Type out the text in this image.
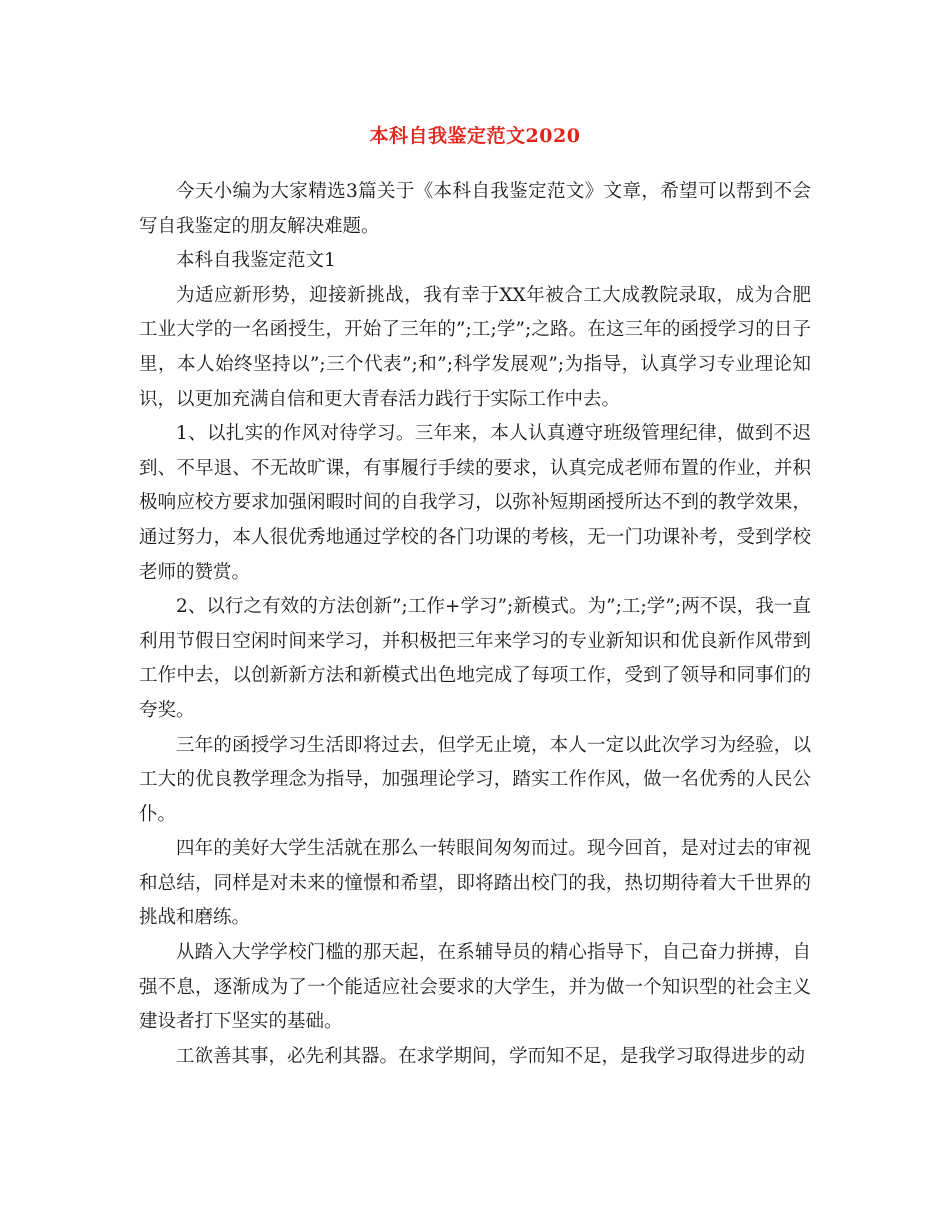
本科自我鉴定范文2020

今天小编为大家精选3篇关于《本科自我鉴定范文》文章，希望可以帮到不会写自我鉴定的朋友解决难题。

本科自我鉴定范文1

为适应新形势，迎接新挑战，我有幸于XX年被合工大成教院录取，成为合肥工业大学的一名函授生，开始了三年的”;工;学”;之路。在这三年的函授学习的日子里，本人始终坚持以”;三个代表”;和”;科学发展观”;为指导，认真学习专业理论知识，以更加充满自信和更大青春活力践行于实际工作中去。

1、以扎实的作风对待学习。三年来，本人认真遵守班级管理纪律，做到不迟到、不早退、不无故旷课，有事履行手续的要求，认真完成老师布置的作业，并积极响应校方要求加强闲暇时间的自我学习，以弥补短期函授所达不到的教学效果，通过努力，本人很优秀地通过学校的各门功课的考核，无一门功课补考，受到学校老师的赞赏。

2、以行之有效的方法创新”;工作+学习”;新模式。为”;工;学”;两不误，我一直利用节假日空闲时间来学习，并积极把三年来学习的专业新知识和优良新作风带到工作中去，以创新新方法和新模式出色地完成了每项工作，受到了领导和同事们的夸奖。

三年的函授学习生活即将过去，但学无止境，本人一定以此次学习为经验，以工大的优良教学理念为指导，加强理论学习，踏实工作作风，做一名优秀的人民公仆。

四年的美好大学生活就在那么一转眼间匆匆而过。现今回首，是对过去的审视和总结，同样是对未来的憧憬和希望，即将踏出校门的我，热切期待着大千世界的挑战和磨练。

从踏入大学学校门槛的那天起，在系辅导员的精心指导下，自己奋力拼搏，自强不息，逐渐成为了一个能适应社会要求的大学生，并为做一个知识型的社会主义建设者打下坚实的基础。

工欲善其事，必先利其器。在求学期间，学而知不足，是我学习取得进步的动
